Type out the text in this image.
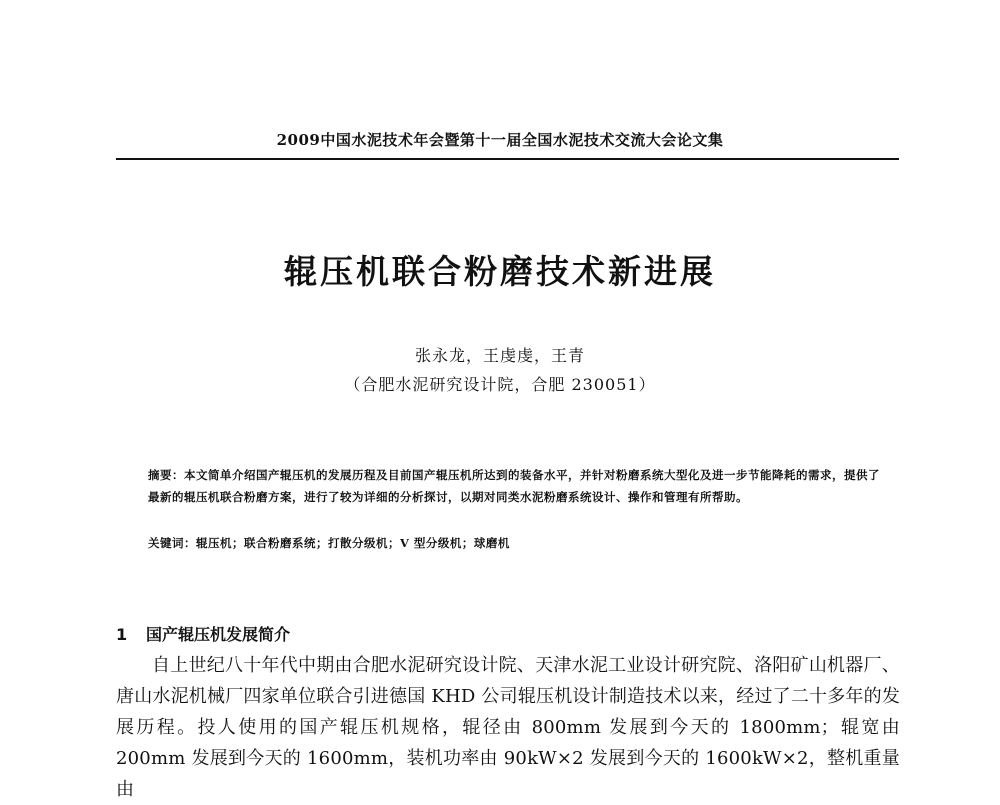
2009中国水泥技术年会暨第十一届全国水泥技术交流大会论文集
辊压机联合粉磨技术新进展
张永龙，王虔虔，王青
（合肥水泥研究设计院，合肥 230051）
摘要：本文简单介绍国产辊压机的发展历程及目前国产辊压机所达到的装备水平，并针对粉磨系统大型化及进一步节能降耗的需求，提供了最新的辊压机联合粉磨方案，进行了较为详细的分析探讨，以期对同类水泥粉磨系统设计、操作和管理有所帮助。
关键词：辊压机；联合粉磨系统；打散分级机；V 型分级机；球磨机
1 国产辊压机发展简介
自上世纪八十年代中期由合肥水泥研究设计院、天津水泥工业设计研究院、洛阳矿山机器厂、唐山水泥机械厂四家单位联合引进德国 KHD 公司辊压机设计制造技术以来，经过了二十多年的发展历程。投人使用的国产辊压机规格，辊径由 800mm 发展到今天的 1800mm；辊宽由 200mm 发展到今天的 1600mm，装机功率由 90kW×2 发展到今天的 1600kW×2，整机重量由
